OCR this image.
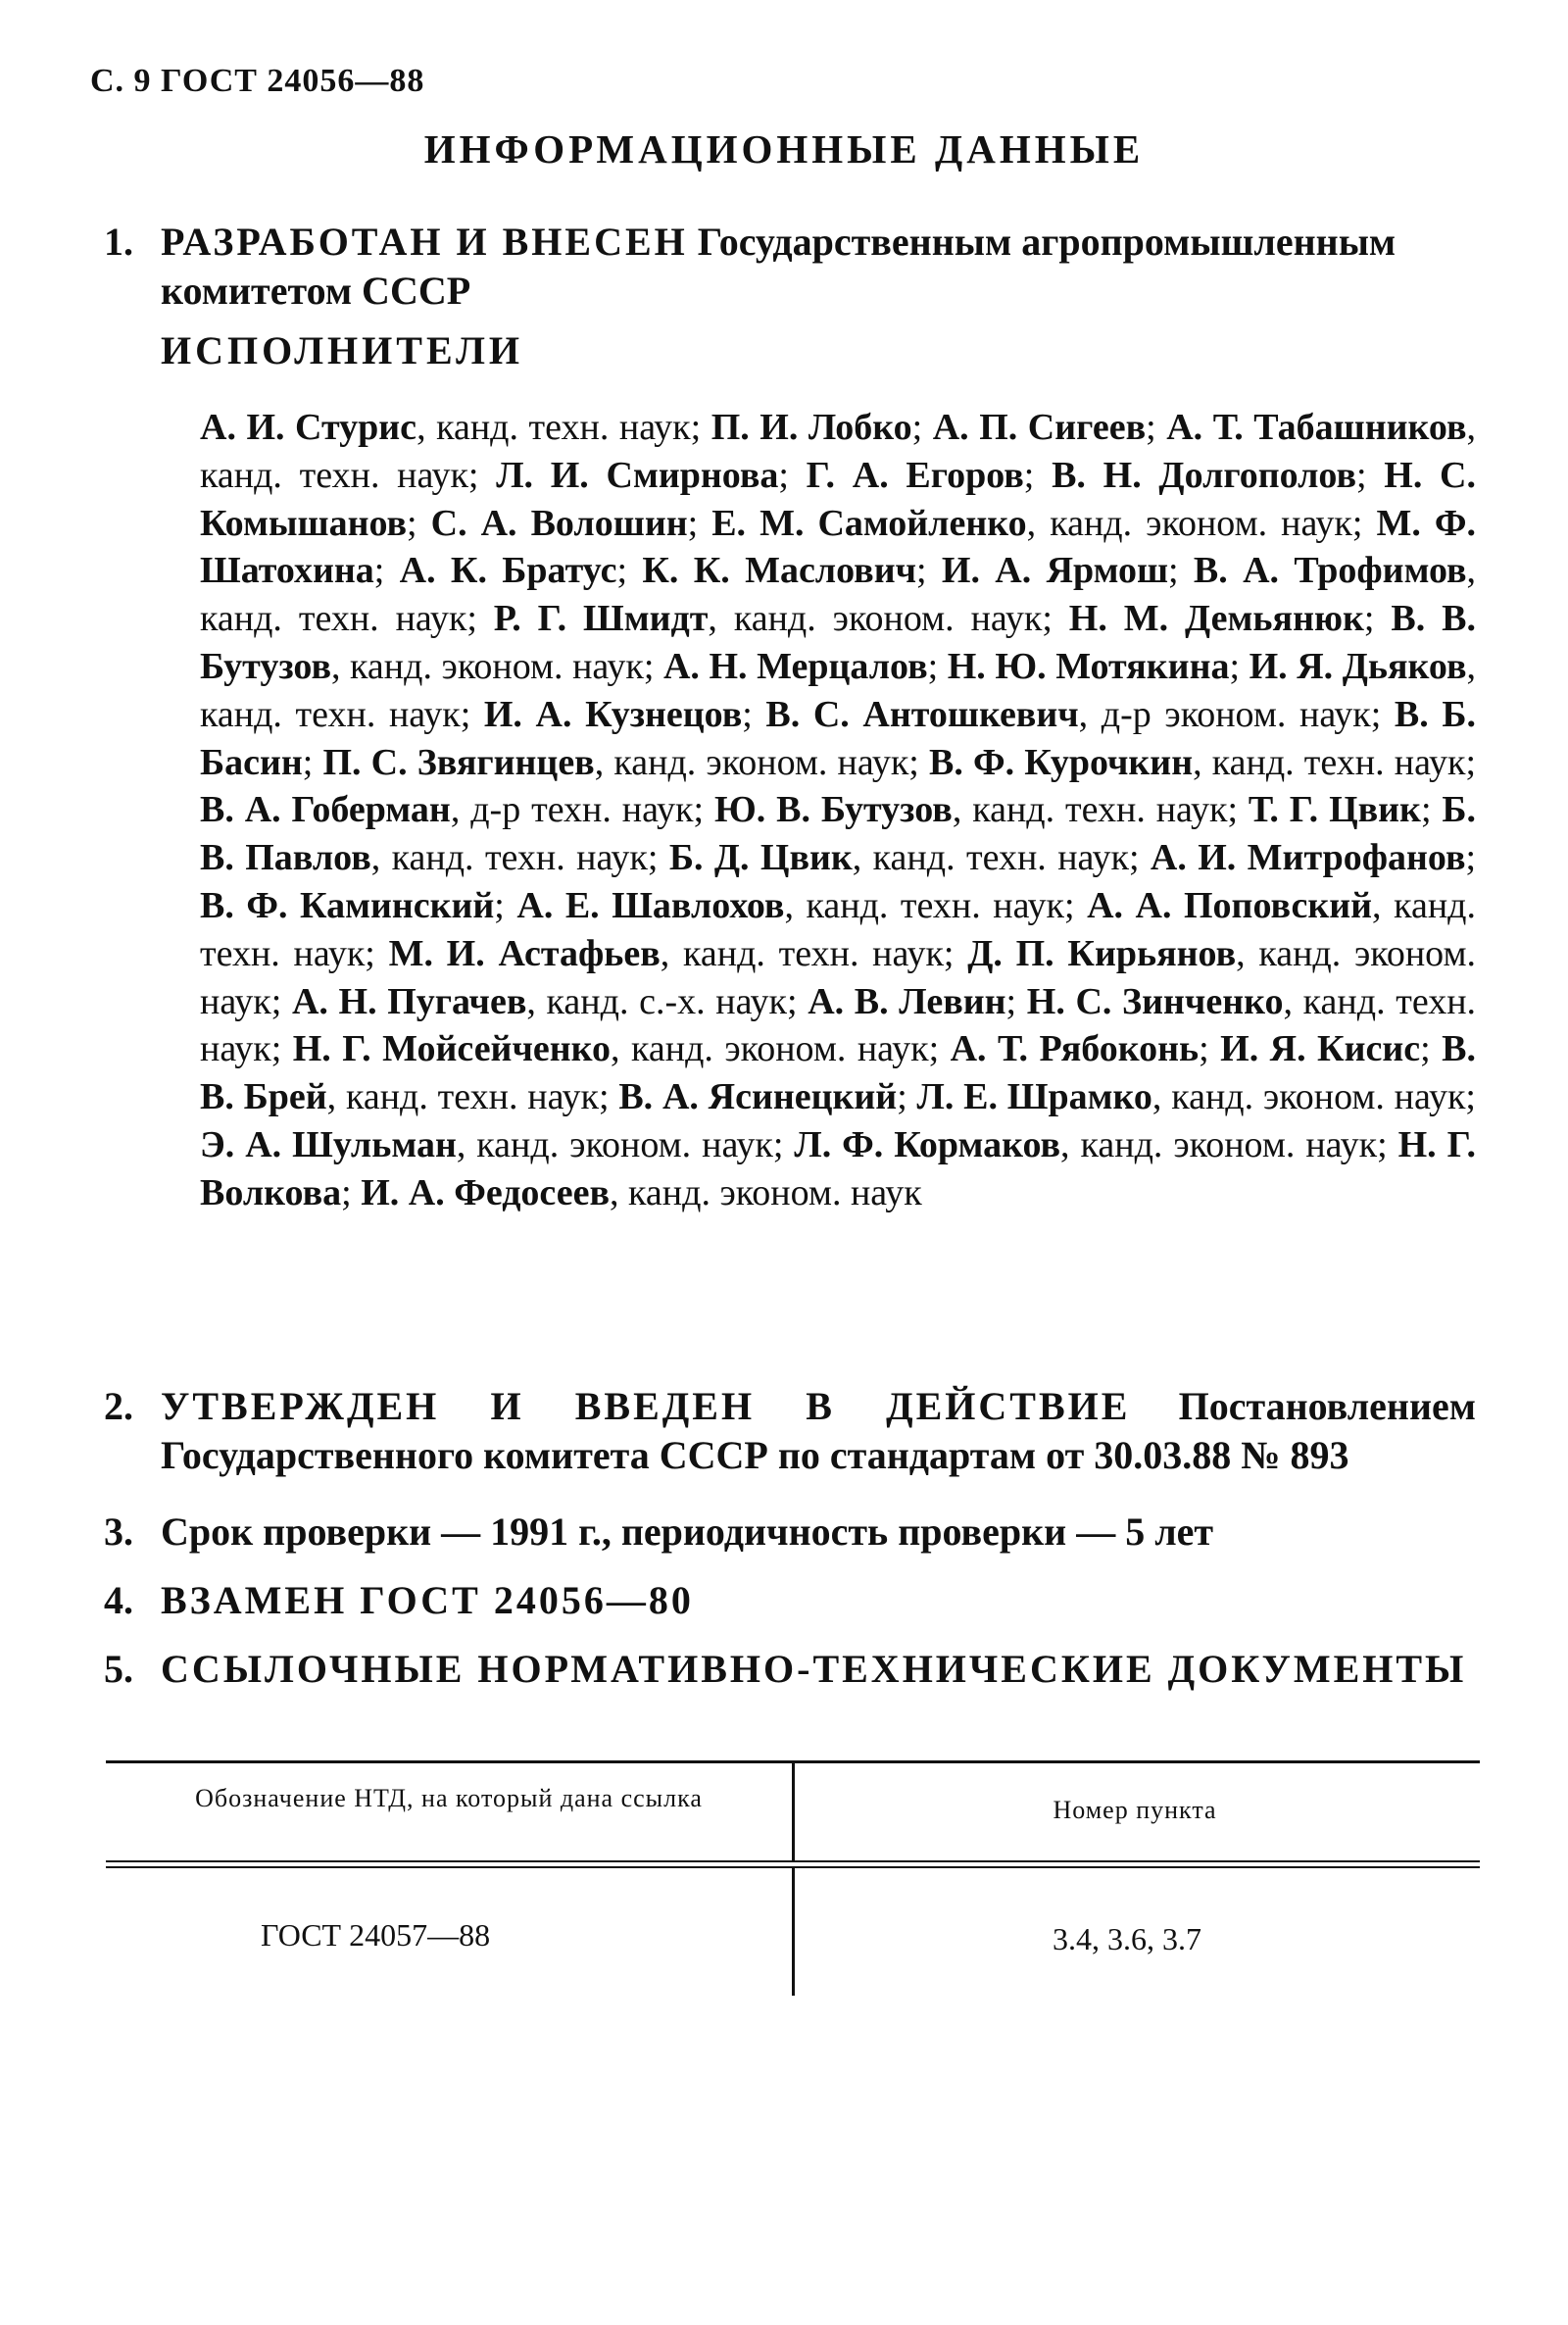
С. 9 ГОСТ 24056—88
ИНФОРМАЦИОННЫЕ ДАННЫЕ
1. РАЗРАБОТАН И ВНЕСЕН Государственным агропромышленным комитетом СССР
ИСПОЛНИТЕЛИ
А. И. Стурис, канд. техн. наук; П. И. Лобко; А. П. Сигеев; А. Т. Табашников, канд. техн. наук; Л. И. Смирнова; Г. А. Егоров; В. Н. Долгополов; Н. С. Комышанов; С. А. Волошин; Е. М. Самойленко, канд. эконом. наук; М. Ф. Шатохина; А. К. Братус; К. К. Маслович; И. А. Ярмош; В. А. Трофимов, канд. техн. наук; Р. Г. Шмидт, канд. эконом. наук; Н. М. Демьянюк; В. В. Бутузов, канд. эконом. наук; А. Н. Мерцалов; Н. Ю. Мотякина; И. Я. Дьяков, канд. техн. наук; И. А. Кузнецов; В. С. Антошкевич, д-р эконом. наук; В. Б. Басин; П. С. Звягинцев, канд. эконом. наук; В. Ф. Курочкин, канд. техн. наук; В. А. Гоберман, д-р техн. наук; Ю. В. Бутузов, канд. техн. наук; Т. Г. Цвик; Б. В. Павлов, канд. техн. наук; Б. Д. Цвик, канд. техн. наук; А. И. Митрофанов; В. Ф. Каминский; А. Е. Шавлохов, канд. техн. наук; А. А. Поповский, канд. техн. наук; М. И. Астафьев, канд. техн. наук; Д. П. Кирьянов, канд. эконом. наук; А. Н. Пугачев, канд. с.-х. наук; А. В. Левин; Н. С. Зинченко, канд. техн. наук; Н. Г. Мойсейченко, канд. эконом. наук; А. Т. Рябоконь; И. Я. Кисис; В. В. Брей, канд. техн. наук; В. А. Ясинецкий; Л. Е. Шрамко, канд. эконом. наук; Э. А. Шульман, канд. эконом. наук; Л. Ф. Кормаков, канд. эконом. наук; Н. Г. Волкова; И. А. Федосеев, канд. эконом. наук
2. УТВЕРЖДЕН И ВВЕДЕН В ДЕЙСТВИЕ Постановлением Государственного комитета СССР по стандартам от 30.03.88 № 893
3. Срок проверки — 1991 г., периодичность проверки — 5 лет
4. ВЗАМЕН ГОСТ 24056—80
5. ССЫЛОЧНЫЕ НОРМАТИВНО-ТЕХНИЧЕСКИЕ ДОКУМЕНТЫ
Обозначение НТД, на который дана ссылка	Номер пункта
ГОСТ 24057—88	3.4, 3.6, 3.7
